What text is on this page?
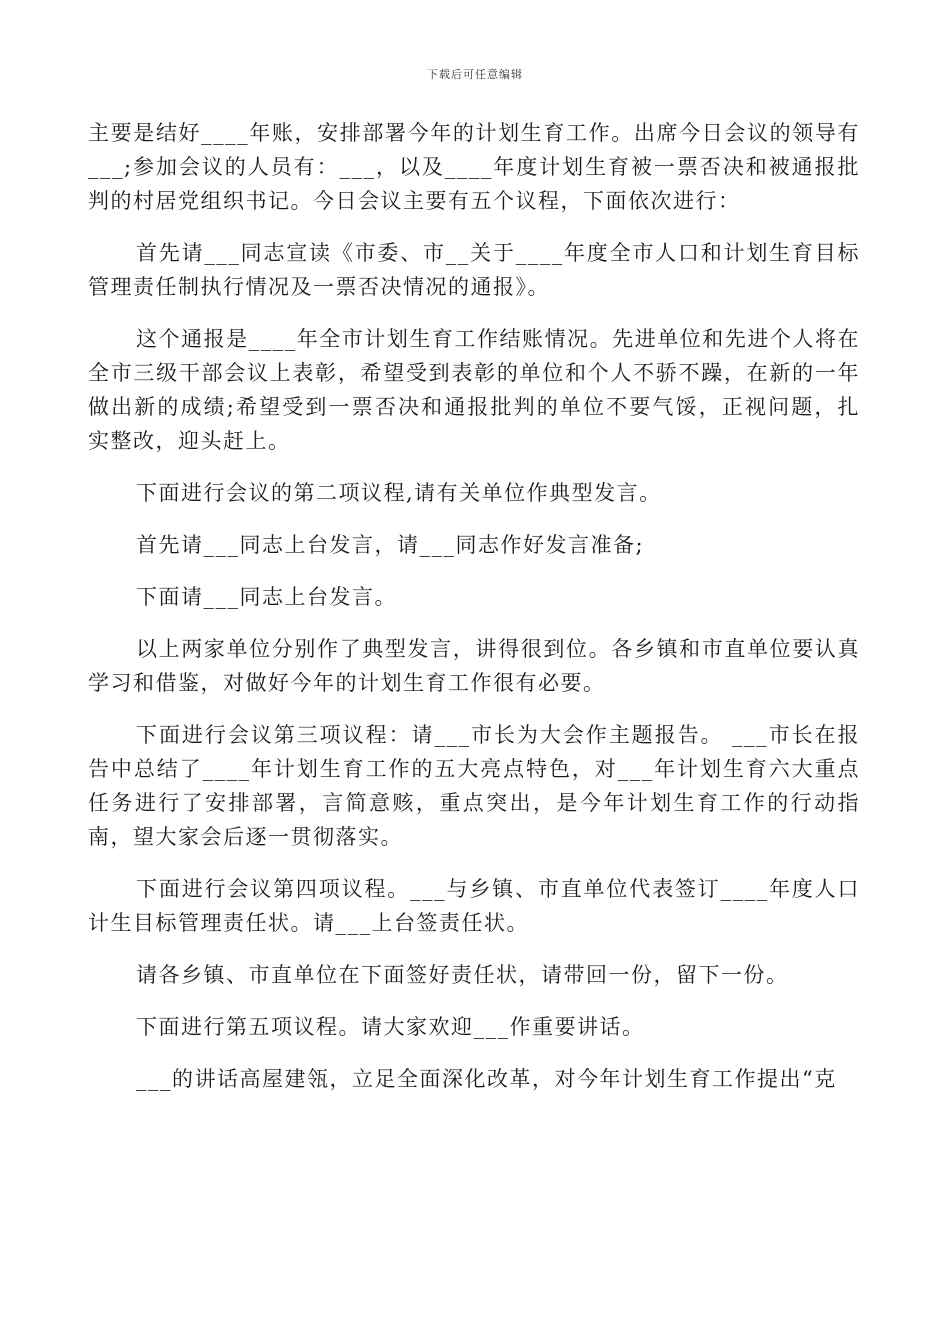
下载后可任意编辑

主要是结好____年账，安排部署今年的计划生育工作。出席今日会议的领导有___;参加会议的人员有：___，以及____年度计划生育被一票否决和被通报批判的村居党组织书记。今日会议主要有五个议程，下面依次进行：

首先请___同志宣读《市委、市__关于____年度全市人口和计划生育目标管理责任制执行情况及一票否决情况的通报》。

这个通报是____年全市计划生育工作结账情况。先进单位和先进个人将在全市三级干部会议上表彰，希望受到表彰的单位和个人不骄不躁，在新的一年做出新的成绩;希望受到一票否决和通报批判的单位不要气馁，正视问题，扎实整改，迎头赶上。

下面进行会议的第二项议程,请有关单位作典型发言。

首先请___同志上台发言，请___同志作好发言准备;

下面请___同志上台发言。

以上两家单位分别作了典型发言，讲得很到位。各乡镇和市直单位要认真学习和借鉴，对做好今年的计划生育工作很有必要。

下面进行会议第三项议程：请___市长为大会作主题报告。 ___市长在报告中总结了____年计划生育工作的五大亮点特色，对___年计划生育六大重点任务进行了安排部署，言简意赅，重点突出，是今年计划生育工作的行动指南，望大家会后逐一贯彻落实。

下面进行会议第四项议程。___与乡镇、市直单位代表签订____年度人口计生目标管理责任状。请___上台签责任状。

请各乡镇、市直单位在下面签好责任状，请带回一份，留下一份。

下面进行第五项议程。请大家欢迎___作重要讲话。

___的讲话高屋建瓴，立足全面深化改革，对今年计划生育工作提出“克
